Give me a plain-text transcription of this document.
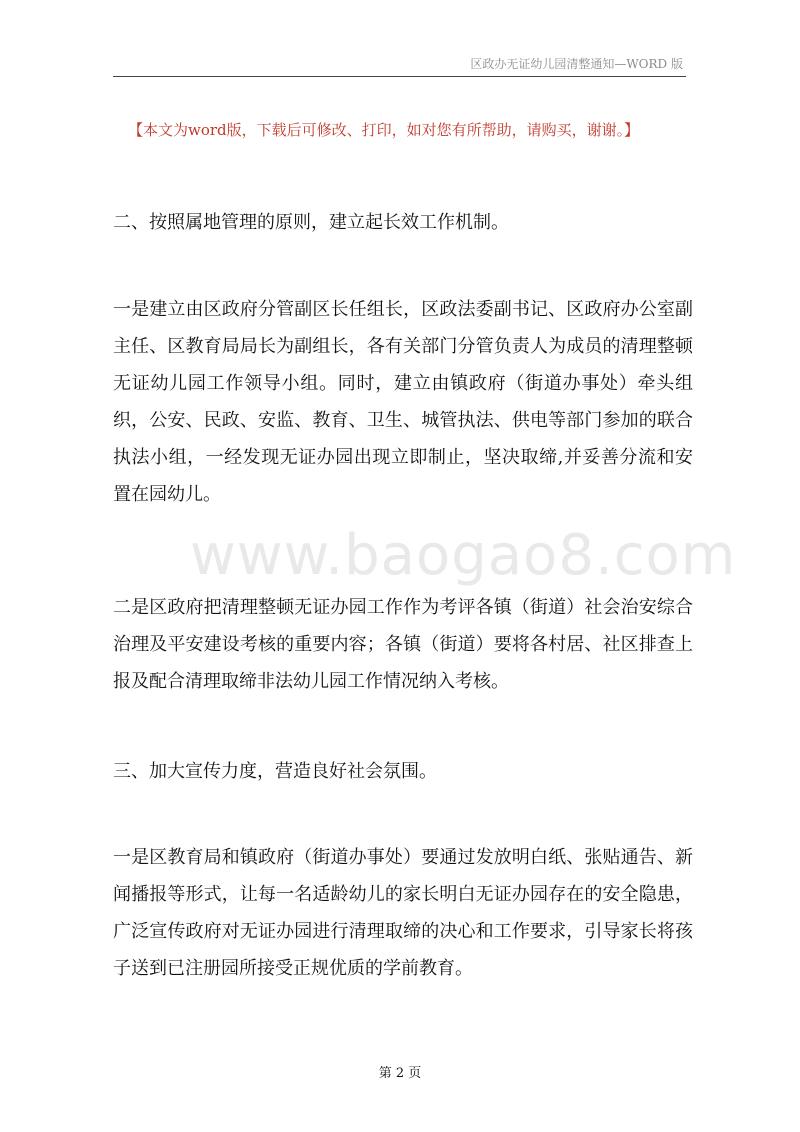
区政办无证幼儿园清整通知—WORD 版
【本文为word版，下载后可修改、打印，如对您有所帮助，请购买，谢谢。】

二、按照属地管理的原则，建立起长效工作机制。

一是建立由区政府分管副区长任组长，区政法委副书记、区政府办公室副主任、区教育局局长为副组长，各有关部门分管负责人为成员的清理整顿无证幼儿园工作领导小组。同时，建立由镇政府（街道办事处）牵头组织，公安、民政、安监、教育、卫生、城管执法、供电等部门参加的联合执法小组，一经发现无证办园出现立即制止，坚决取缔,并妥善分流和安置在园幼儿。

www.baogao8.com

二是区政府把清理整顿无证办园工作作为考评各镇（街道）社会治安综合治理及平安建设考核的重要内容；各镇（街道）要将各村居、社区排查上报及配合清理取缔非法幼儿园工作情况纳入考核。

三、加大宣传力度，营造良好社会氛围。

一是区教育局和镇政府（街道办事处）要通过发放明白纸、张贴通告、新闻播报等形式，让每一名适龄幼儿的家长明白无证办园存在的安全隐患，广泛宣传政府对无证办园进行清理取缔的决心和工作要求，引导家长将孩子送到已注册园所接受正规优质的学前教育。

第 2 页
